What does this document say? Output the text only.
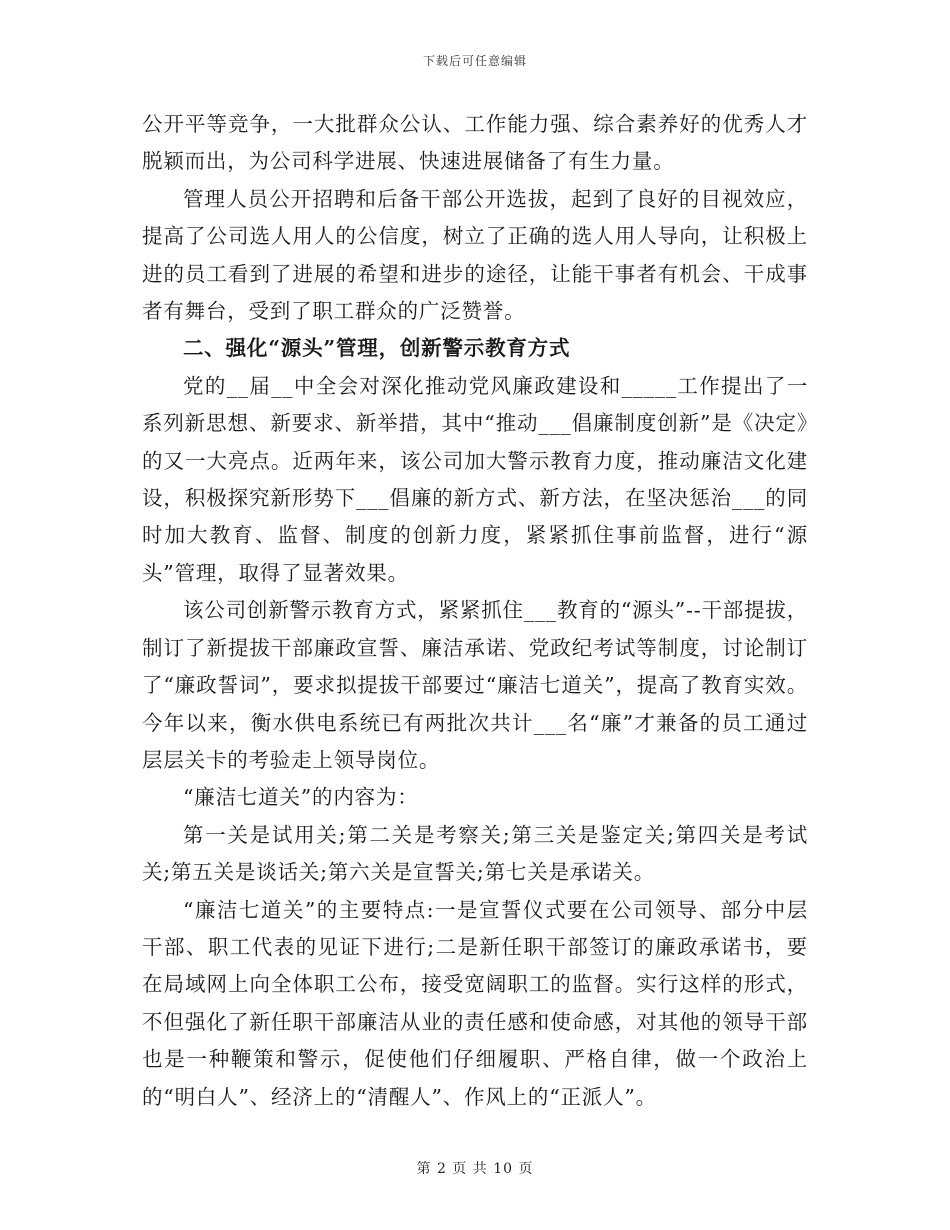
下载后可任意编辑

公开平等竞争，一大批群众公认、工作能力强、综合素养好的优秀人才脱颖而出，为公司科学进展、快速进展储备了有生力量。

管理人员公开招聘和后备干部公开选拔，起到了良好的目视效应，提高了公司选人用人的公信度，树立了正确的选人用人导向，让积极上进的员工看到了进展的希望和进步的途径，让能干事者有机会、干成事者有舞台，受到了职工群众的广泛赞誉。

二、强化“源头”管理，创新警示教育方式

党的__届__中全会对深化推动党风廉政建设和_____工作提出了一系列新思想、新要求、新举措，其中“推动___倡廉制度创新”是《决定》的又一大亮点。近两年来，该公司加大警示教育力度，推动廉洁文化建设，积极探究新形势下___倡廉的新方式、新方法，在坚决惩治___的同时加大教育、监督、制度的创新力度，紧紧抓住事前监督，进行“源头”管理，取得了显著效果。

该公司创新警示教育方式，紧紧抓住___教育的“源头”--干部提拔，制订了新提拔干部廉政宣誓、廉洁承诺、党政纪考试等制度，讨论制订了“廉政誓词”，要求拟提拔干部要过“廉洁七道关”，提高了教育实效。今年以来，衡水供电系统已有两批次共计___名“廉”才兼备的员工通过层层关卡的考验走上领导岗位。

“廉洁七道关”的内容为：

第一关是试用关;第二关是考察关;第三关是鉴定关;第四关是考试关;第五关是谈话关;第六关是宣誓关;第七关是承诺关。

“廉洁七道关”的主要特点:一是宣誓仪式要在公司领导、部分中层干部、职工代表的见证下进行;二是新任职干部签订的廉政承诺书，要在局域网上向全体职工公布，接受宽阔职工的监督。实行这样的形式，不但强化了新任职干部廉洁从业的责任感和使命感，对其他的领导干部也是一种鞭策和警示，促使他们仔细履职、严格自律，做一个政治上的“明白人”、经济上的“清醒人”、作风上的“正派人”。

第 2 页 共 10 页
